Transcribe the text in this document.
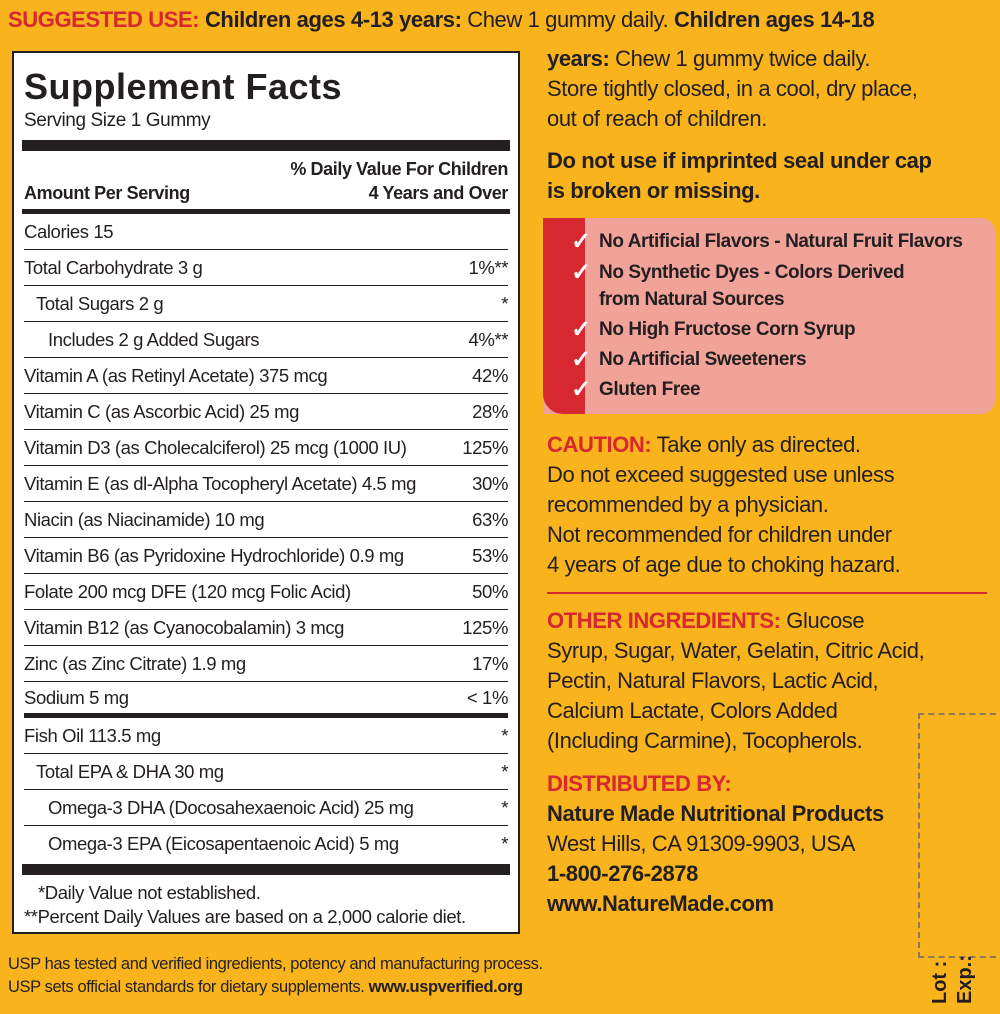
SUGGESTED USE: Children ages 4-13 years: Chew 1 gummy daily. Children ages 14-18
years: Chew 1 gummy twice daily.
Store tightly closed, in a cool, dry place,
out of reach of children.
Do not use if imprinted seal under cap
is broken or missing.
Supplement Facts
Serving Size 1 Gummy
Amount Per Serving
% Daily Value For Children
4 Years and Over
Calories 15
Total Carbohydrate 3 g	1%**
Total Sugars 2 g	*
Includes 2 g Added Sugars	4%**
Vitamin A (as Retinyl Acetate) 375 mcg	42%
Vitamin C (as Ascorbic Acid) 25 mg	28%
Vitamin D3 (as Cholecalciferol) 25 mcg (1000 IU)	125%
Vitamin E (as dl-Alpha Tocopheryl Acetate) 4.5 mg	30%
Niacin (as Niacinamide) 10 mg	63%
Vitamin B6 (as Pyridoxine Hydrochloride) 0.9 mg	53%
Folate 200 mcg DFE (120 mcg Folic Acid)	50%
Vitamin B12 (as Cyanocobalamin) 3 mcg	125%
Zinc (as Zinc Citrate) 1.9 mg	17%
Sodium 5 mg	< 1%
Fish Oil 113.5 mg	*
Total EPA & DHA 30 mg	*
Omega-3 DHA (Docosahexaenoic Acid) 25 mg	*
Omega-3 EPA (Eicosapentaenoic Acid) 5 mg	*
*Daily Value not established.
**Percent Daily Values are based on a 2,000 calorie diet.
✓ No Artificial Flavors - Natural Fruit Flavors
✓ No Synthetic Dyes - Colors Derived
from Natural Sources
✓ No High Fructose Corn Syrup
✓ No Artificial Sweeteners
✓ Gluten Free
CAUTION: Take only as directed.
Do not exceed suggested use unless
recommended by a physician.
Not recommended for children under
4 years of age due to choking hazard.
OTHER INGREDIENTS: Glucose
Syrup, Sugar, Water, Gelatin, Citric Acid,
Pectin, Natural Flavors, Lactic Acid,
Calcium Lactate, Colors Added
(Including Carmine), Tocopherols.
DISTRIBUTED BY:
Nature Made Nutritional Products
West Hills, CA 91309-9903, USA
1-800-276-2878
www.NatureMade.com
USP has tested and verified ingredients, potency and manufacturing process.
USP sets official standards for dietary supplements. www.uspverified.org	Lot : Exp.:
